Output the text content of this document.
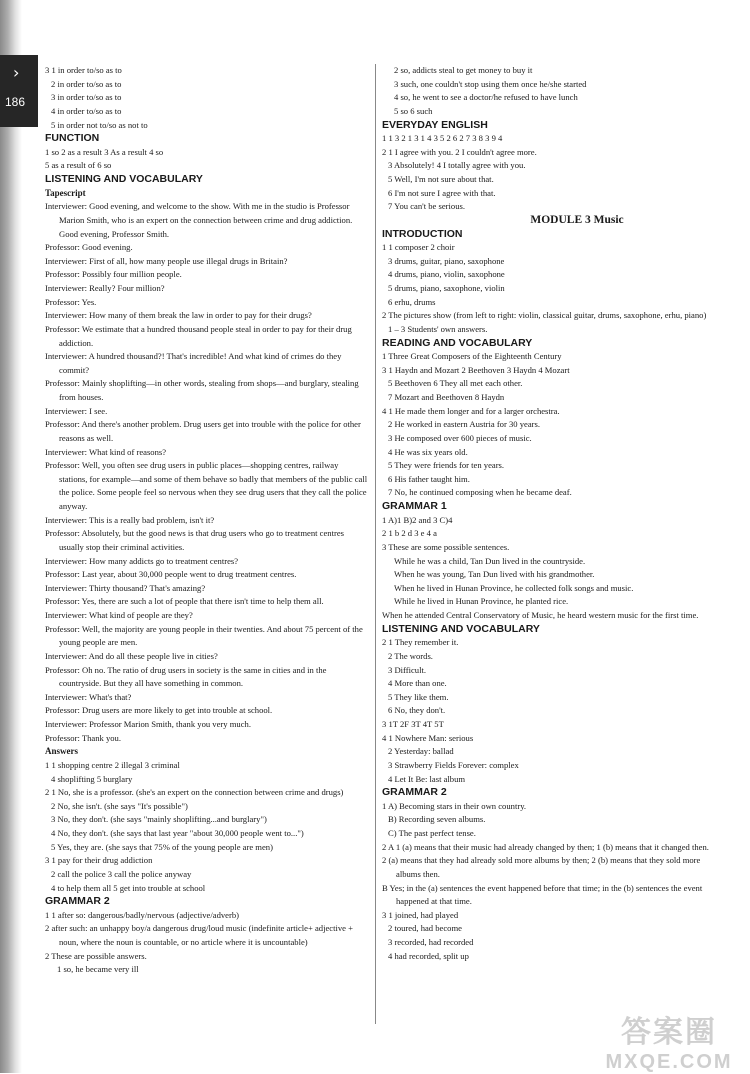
›
186
3 1 in order to/so as to
2 in order to/so as to
3 in order to/so as to
4 in order to/so as to
5 in order not to/so as not to
FUNCTION
1 so 2 as a result 3 As a result 4 so
5 as a result of 6 so
LISTENING AND VOCABULARY
Tapescript
Interviewer: Good evening, and welcome to the show. With me in the studio is Professor Marion Smith, who is an expert on the connection between crime and drug addiction. Good evening, Professor Smith.
Professor: Good evening.
Interviewer: First of all, how many people use illegal drugs in Britain?
Professor: Possibly four million people.
Interviewer: Really? Four million?
Professor: Yes.
Interviewer: How many of them break the law in order to pay for their drugs?
Professor: We estimate that a hundred thousand people steal in order to pay for their drug addiction.
Interviewer: A hundred thousand?! That's incredible! And what kind of crimes do they commit?
Professor: Mainly shoplifting—in other words, stealing from shops—and burglary, stealing from houses.
Interviewer: I see.
Professor: And there's another problem. Drug users get into trouble with the police for other reasons as well.
Interviewer: What kind of reasons?
Professor: Well, you often see drug users in public places—shopping centres, railway stations, for example—and some of them behave so badly that members of the public call the police. Some people feel so nervous when they see drug users that they call the police anyway.
Interviewer: This is a really bad problem, isn't it?
Professor: Absolutely, but the good news is that drug users who go to treatment centres usually stop their criminal activities.
Interviewer: How many addicts go to treatment centres?
Professor: Last year, about 30,000 people went to drug treatment centres.
Interviewer: Thirty thousand? That's amazing?
Professor: Yes, there are such a lot of people that there isn't time to help them all.
Interviewer: What kind of people are they?
Professor: Well, the majority are young people in their twenties. And about 75 percent of the young people are men.
Interviewer: And do all these people live in cities?
Professor: Oh no. The ratio of drug users in society is the same in cities and in the countryside. But they all have something in common.
Interviewer: What's that?
Professor: Drug users are more likely to get into trouble at school.
Interviewer: Professor Marion Smith, thank you very much.
Professor: Thank you.
Answers
1 1 shopping centre 2 illegal 3 criminal
4 shoplifting 5 burglary
2 1 No, she is a professor. (she's an expert on the connection between crime and drugs)
2 No, she isn't. (she says "It's possible")
3 No, they don't. (she says "mainly shoplifting...and burglary")
4 No, they don't. (she says that last year "about 30,000 people went to...")
5 Yes, they are. (she says that 75% of the young people are men)
3 1 pay for their drug addiction
2 call the police 3 call the police anyway
4 to help them all 5 get into trouble at school
GRAMMAR 2
1 1 after so: dangerous/badly/nervous (adjective/adverb)
2 after such: an unhappy boy/a dangerous drug/loud music (indefinite article+ adjective + noun, where the noun is countable, or no article where it is uncountable)
2 These are possible answers.
1 so, he became very ill
2 so, addicts steal to get money to buy it
3 such, one couldn't stop using them once he/she started
4 so, he went to see a doctor/he refused to have lunch
5 so 6 such
EVERYDAY ENGLISH
1 1 3 2 1 3 1 4 3 5 2 6 2 7 3 8 3 9 4
2 1 I agree with you. 2 I couldn't agree more.
3 Absolutely! 4 I totally agree with you.
5 Well, I'm not sure about that.
6 I'm not sure I agree with that.
7 You can't be serious.
MODULE 3 Music
INTRODUCTION
1 1 composer 2 choir
3 drums, guitar, piano, saxophone
4 drums, piano, violin, saxophone
5 drums, piano, saxophone, violin
6 erhu, drums
2 The pictures show (from left to right: violin, classical guitar, drums, saxophone, erhu, piano)
1 – 3 Students' own answers.
READING AND VOCABULARY
1 Three Great Composers of the Eighteenth Century
3 1 Haydn and Mozart 2 Beethoven 3 Haydn 4 Mozart
5 Beethoven 6 They all met each other.
7 Mozart and Beethoven 8 Haydn
4 1 He made them longer and for a larger orchestra.
2 He worked in eastern Austria for 30 years.
3 He composed over 600 pieces of music.
4 He was six years old.
5 They were friends for ten years.
6 His father taught him.
7 No, he continued composing when he became deaf.
GRAMMAR 1
1 A)1 B)2 and 3 C)4
2 1 b 2 d 3 e 4 a
3 These are some possible sentences.
While he was a child, Tan Dun lived in the countryside.
When he was young, Tan Dun lived with his grandmother.
When he lived in Hunan Province, he collected folk songs and music.
While he lived in Hunan Province, he planted rice.
When he attended Central Conservatory of Music, he heard western music for the first time.
LISTENING AND VOCABULARY
2 1 They remember it.
2 The words.
3 Difficult.
4 More than one.
5 They like them.
6 No, they don't.
3 1T 2F 3T 4T 5T
4 1 Nowhere Man: serious
2 Yesterday: ballad
3 Strawberry Fields Forever: complex
4 Let It Be: last album
GRAMMAR 2
1 A) Becoming stars in their own country.
B) Recording seven albums.
C) The past perfect tense.
2 A 1 (a) means that their music had already changed by then; 1 (b) means that it changed then.
2 (a) means that they had already sold more albums by then; 2 (b) means that they sold more albums then.
B Yes; in the (a) sentences the event happened before that time; in the (b) sentences the event happened at that time.
3 1 joined, had played
2 toured, had become
3 recorded, had recorded
4 had recorded, split up
答案圈
MXQE.COM
